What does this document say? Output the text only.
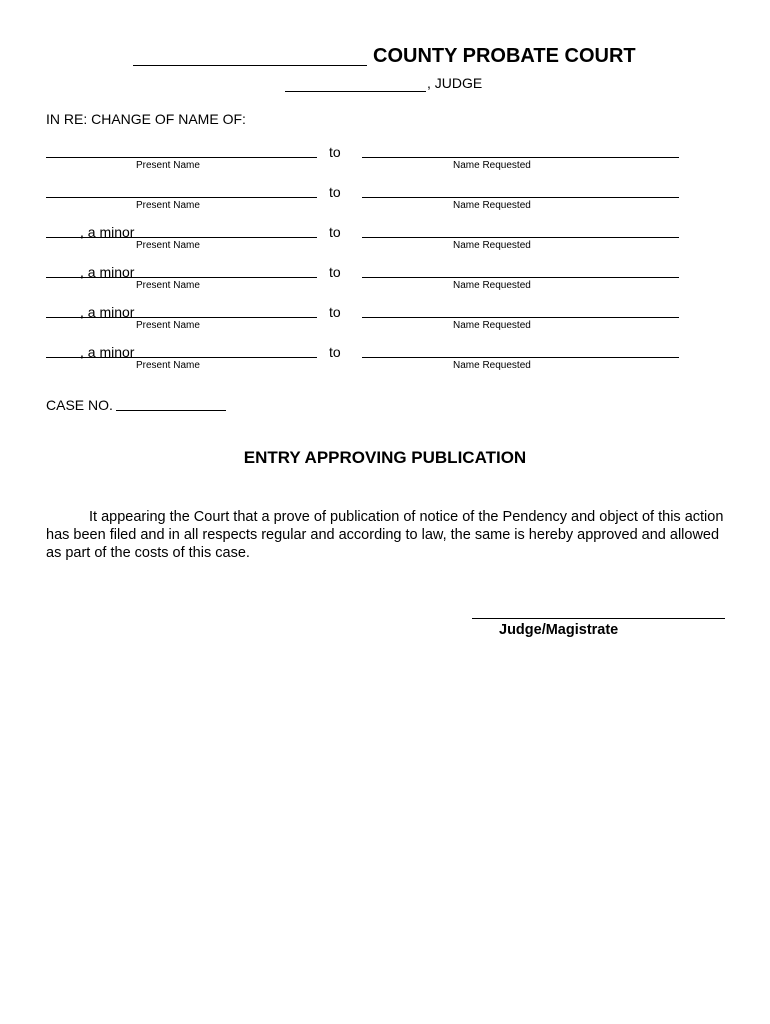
COUNTY PROBATE COURT
, JUDGE
IN RE: CHANGE OF NAME OF:
to
Present Name	Name Requested
to
Present Name	Name Requested
, a minor	to
Present Name	Name Requested
, a minor	to
Present Name	Name Requested
, a minor	to
Present Name	Name Requested
, a minor	to
Present Name	Name Requested
CASE NO.
ENTRY APPROVING PUBLICATION
It appearing the Court that a prove of publication of notice of the Pendency and object of this action has been filed and in all respects regular and according to law, the same is hereby approved and allowed as part of the costs of this case.
Judge/Magistrate
